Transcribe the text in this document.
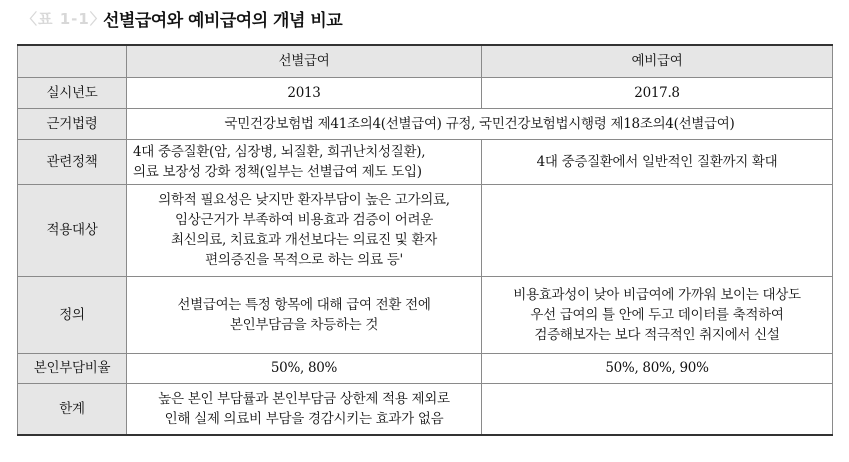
〈표 1-1〉
선별급여와 예비급여의 개념 비교
	선별급여	예비급여
실시년도	2013	2017.8

근거법령	국민건강보험법 제41조의4(선별급여) 규정, 국민건강보험법시행령 제18조의4(선별급여)	

관련정책	4대 중증질환(암, 심장병, 뇌질환, 희귀난치성질환),
의료 보장성 강화 정책(일부는 선별급여 제도 도입)	4대 중증질환에서 일반적인 질환까지 확대

적용대상	의학적 필요성은 낮지만 환자부담이 높은 고가의료,
임상근거가 부족하여 비용효과 검증이 어려운
최신의료, 치료효과 개선보다는 의료진 및 환자
편의증진을 목적으로 하는 의료 등'	

정의	선별급여는 특정 항목에 대해 급여 전환 전에
본인부담금을 차등하는 것	비용효과성이 낮아 비급여에 가까워 보이는 대상도
우선 급여의 틀 안에 두고 데이터를 축적하여
검증해보자는 보다 적극적인 취지에서 신설

본인부담비율	50%, 80%	50%, 80%, 90%

한계	높은 본인 부담률과 본인부담금 상한제 적용 제외로
인해 실제 의료비 부담을 경감시키는 효과가 없음	
